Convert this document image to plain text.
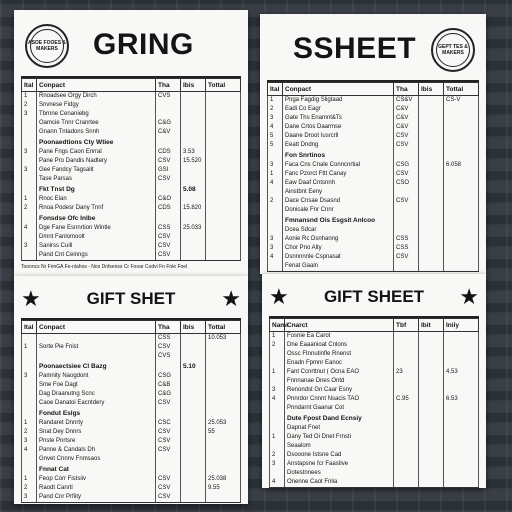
ASOE FOOES & MAKERS	GRING
Ital	Conpact	Tha	Ibis	Tottal
1	Rnoadsee Orgy Dirch	CVS		
2	Snvnese Fidgy			
3	Tbrnne Cenaniebg			
	Oamcie Tnnr Cranrtee	C&G		
	Gnann Tntadons Snnh	C&V		
	Poonaedtions Cty Wtiee			
3	Pane Fngs Caon Enrral	CDS	3.53	
	Pane Pro Dandis Nadtery	CSV	15.520	
3	Gee Fandcy Tagsalit	GSI		
	Tase Parsas	CSV		
	Fkt Tnst Dg		5.08	
1	Rnoc Elan	C&O		
2	Rnoa Podesr Dany Tnnf	CDS	15.820	
	Fonsdse Ofc Inlbe			
4	Dge Fane Esnnrtion Wintle	CSS	25.033	
	Dmnt Fanlomoolt	CSV		
3	Sanirss Cuill	CSV		
	Pand Cnt Ceinngs	CSV		
Toooncs Nr FrinGA Fe-nlahos - Nos Dnfsenss Cr Fooar Codvi Fn Fnle Foel
SSHEET	GEPT TES & MAKERS
Ital	Conpact	Tha	Ibis	Tottal
1	Pnga Fagdig Sligtaad	CS&V		CS-V
2	Eadi Co Eagr	C&V		
3	Gate Ths Enamnt&Ts	C&V		
4	Dane Crtos Daarmse	C&V		
5	Daane Droot Iusrcrll	CSV		
5	Eeatt Dndng	CSV		
	Fon Snrtinos			
3	Faca Cns Cnale Conncnrtial	CSG		6.058
1	Fanc Pzorct Fttt Canay	CSV		
4	Eaw Daaf Cntsnnh	CSO		
	Ainstbnt Eeny			
2	Dace Cnsae Dsasnd	CSV		
	Donicale Fnr Cnnr			
	Fmnansnd Ois Esgsit Anlcoo			
	Dcea Sdcar			
3	Aonie Rc Dsnhanng	CSS		
3	Chor Pno Alty	CSS		
4	Dsnnnnnle Cspnasat	CSV		
	Fenat Gaaln			
★	GIFT SHET ★
Ital	Conpact	Tha	Ibis	Tottal
		CSS		10.053
1	Sorte Pie Fnist	CSV		
		CVS		
	Poonaectsiee Cl Bazg		5.10	
3	Pamnity Naogdont	CSG		
	Sme Foe Dagt	C&B		
	Dag Draanutng Scnc	C&G		
	Caoe Danatoi Eacntdery	CSV		
	Fondut Eslgs			
1	Randaret Dnnrty	CSC		25.053
2	Snat Dey Dnnrs	CSV		55
3	Pnste Pnrtsre	CSV		
4	Panne & Candals Dh	CSV		
	Gnvet Cnnnv Fnmsaos			
	Fnnat Cat			
1	Feop Corr Fistsiiv	CSV		25.038
2	Raodt Canrtl	CSV		9.55
3	Pand Cnr Prfiity	CSV		
★ GIFT SHEET ★
Nami	Cnarct	Tbf	Ibit	Iniiy
1	Fosnie Ea Carot			
2	Dne Eaaanioat Cnlons			
	Ossc Ftnnutinfle Rnenst			
	Enadn Fpmnr Eanoc			
1	Fant Ccnrttnut ( Ocna EAO	23		4.53
	Fnnnanae Dnes Ontd			
3	Renondst Gn Caar Esny			
4	Pnnrdor Cnnnt Nsacis TAO	C.95		6.53
	Pnndarnt Gaanar Cot			
	Dute Fpost Dand Ecnsiy			
	Dapnat Fnet			
1	Dany Ted Oi Dnet Frnsti			
	Seaalom			
2	Dsooone Istsne Cad			
3	Anstapsne fcr Faastive			
	Dotestnnees			
4	Onenne Caot Fnlia			
